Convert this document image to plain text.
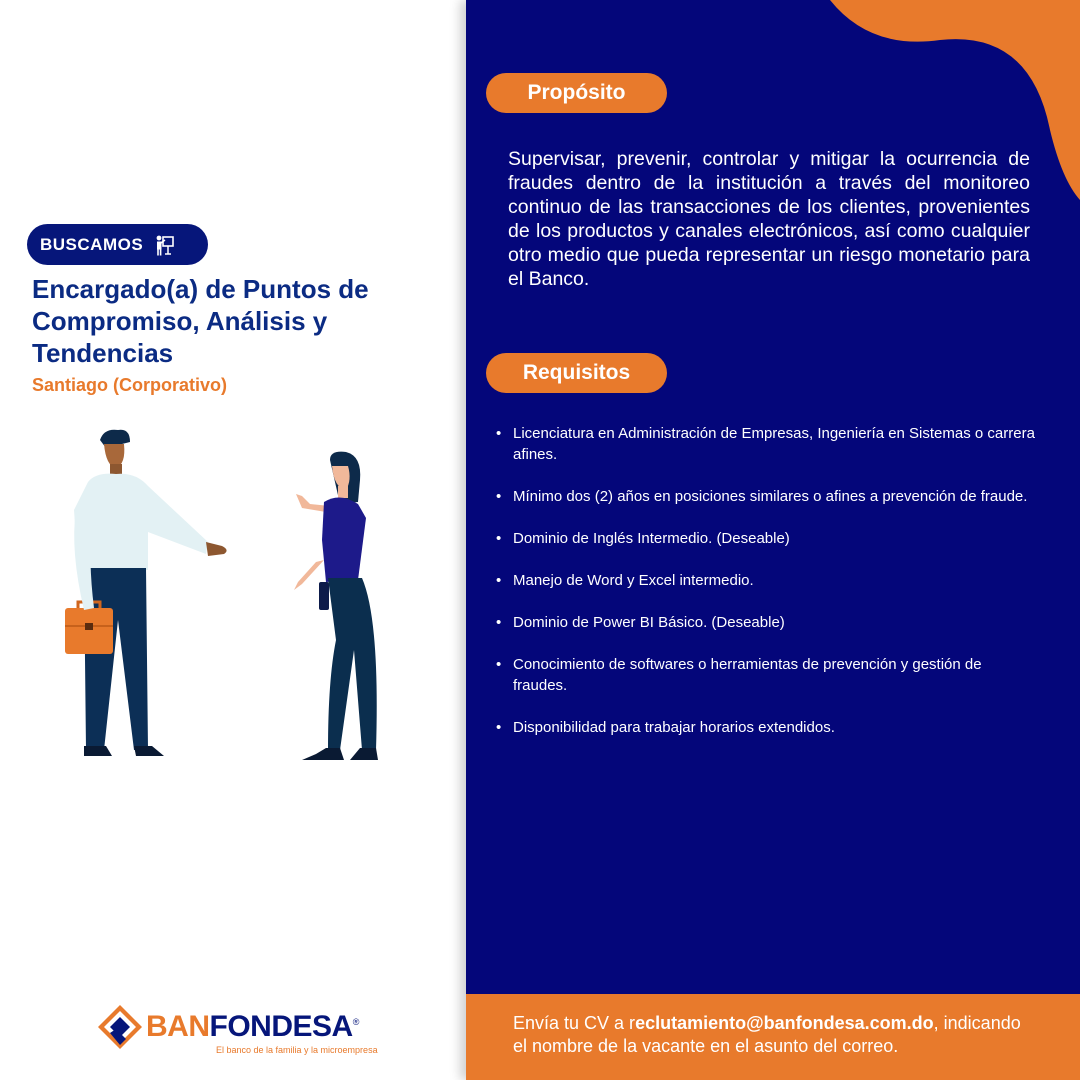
BUSCAMOS
Encargado(a) de Puntos de
Compromiso, Análisis y
Tendencias
Santiago (Corporativo)
BANFONDESA®
El banco de la familia y la microempresa
Propósito
Supervisar, prevenir, controlar y mitigar la ocurrencia de fraudes dentro de la institución a través del monitoreo continuo de las transacciones de los clientes, provenientes de los productos y canales electrónicos, así como cualquier otro medio que pueda representar un riesgo monetario para el Banco.
Requisitos
• Licenciatura en Administración de Empresas, Ingeniería en Sistemas o carrera afines.
• Mínimo dos (2) años en posiciones similares o afines a prevención de fraude.
• Dominio de Inglés Intermedio. (Deseable)
• Manejo de Word y Excel intermedio.
• Dominio de Power BI Básico. (Deseable)
• Conocimiento de softwares o herramientas de prevención y gestión de fraudes.
• Disponibilidad para trabajar horarios extendidos.
Envía tu CV a reclutamiento@banfondesa.com.do, indicando
el nombre de la vacante en el asunto del correo.
